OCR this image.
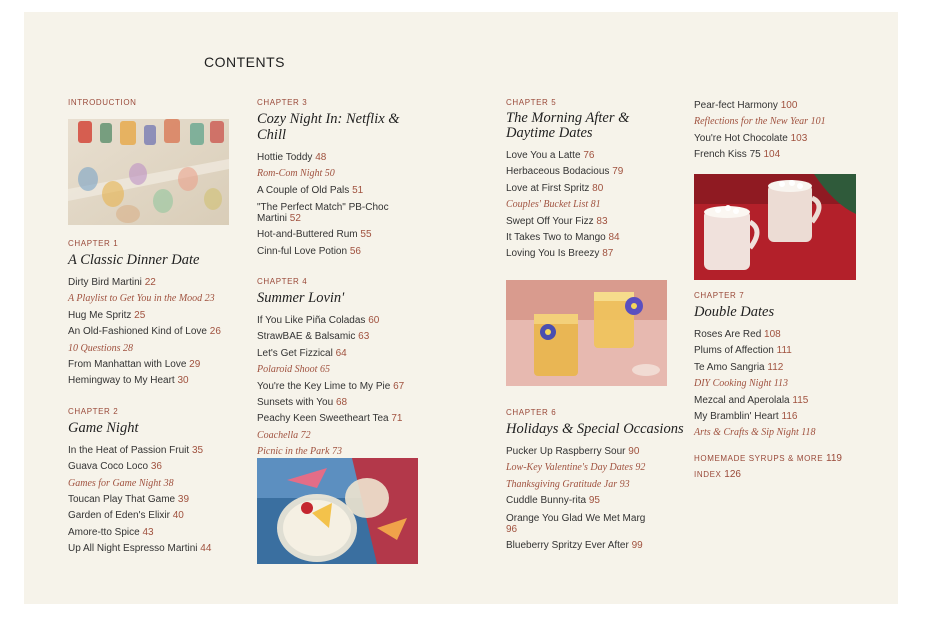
CONTENTS
INTRODUCTION
CHAPTER 1
A Classic Dinner Date
Dirty Bird Martini 22
A Playlist to Get You in the Mood 23
Hug Me Spritz 25
An Old-Fashioned Kind of Love 26
10 Questions 28
From Manhattan with Love 29
Hemingway to My Heart 30
CHAPTER 2
Game Night
In the Heat of Passion Fruit 35
Guava Coco Loco 36
Games for Game Night 38
Toucan Play That Game 39
Garden of Eden's Elixir 40
Amore-tto Spice 43
Up All Night Espresso Martini 44
CHAPTER 3
Cozy Night In: Netflix & Chill
Hottie Toddy 48
Rom-Com Night 50
A Couple of Old Pals 51
"The Perfect Match" PB-Choc
Martini 52
Hot-and-Buttered Rum 55
Cinn-ful Love Potion 56
CHAPTER 4
Summer Lovin'
If You Like Piña Coladas 60
StrawBAE & Balsamic 63
Let's Get Fizzical 64
Polaroid Shoot 65
You're the Key Lime to My Pie 67
Sunsets with You 68
Peachy Keen Sweetheart Tea 71
Coachella 72
Picnic in the Park 73
CHAPTER 5
The Morning After &
Daytime Dates
Love You a Latte 76
Herbaceous Bodacious 79
Love at First Spritz 80
Couples' Bucket List 81
Swept Off Your Fizz 83
It Takes Two to Mango 84
Loving You Is Breezy 87
CHAPTER 6
Holidays & Special Occasions
Pucker Up Raspberry Sour 90
Low-Key Valentine's Day Dates 92
Thanksgiving Gratitude Jar 93
Cuddle Bunny-rita 95
Orange You Glad We Met Marg
96
Blueberry Spritzy Ever After 99
Pear-fect Harmony 100
Reflections for the New Year 101
You're Hot Chocolate 103
French Kiss 75 104
CHAPTER 7
Double Dates
Roses Are Red 108
Plums of Affection 111
Te Amo Sangria 112
DIY Cooking Night 113
Mezcal and Aperolala 115
My Bramblin' Heart 116
Arts & Crafts & Sip Night 118
HOMEMADE SYRUPS & MORE 119
INDEX 126
